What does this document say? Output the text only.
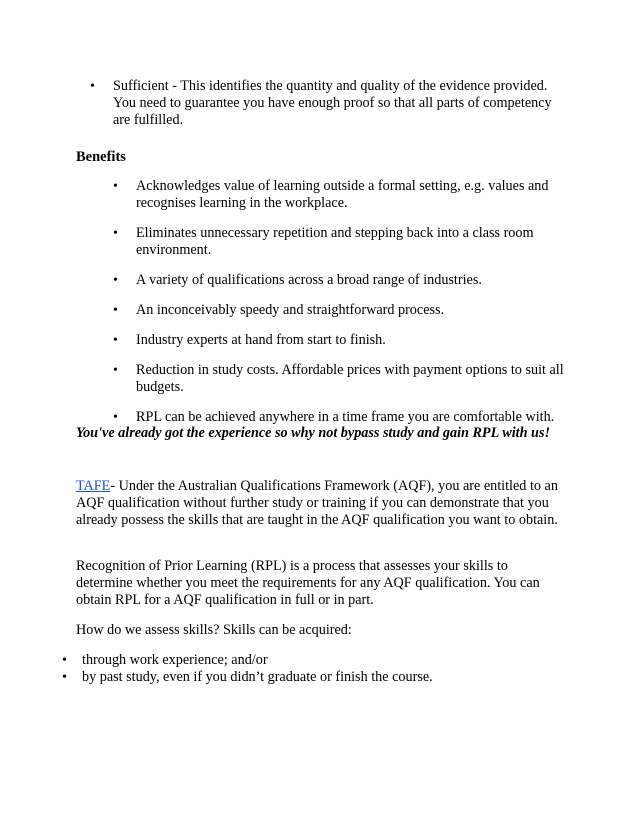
• Sufficient - This identifies the quantity and quality of the evidence provided. You need to guarantee you have enough proof so that all parts of competency are fulfilled.
Benefits
• Acknowledges value of learning outside a formal setting, e.g. values and recognises learning in the workplace.
• Eliminates unnecessary repetition and stepping back into a class room environment.
• A variety of qualifications across a broad range of industries.
• An inconceivably speedy and straightforward process.
• Industry experts at hand from start to finish.
• Reduction in study costs. Affordable prices with payment options to suit all budgets.
• RPL can be achieved anywhere in a time frame you are comfortable with.
You've already got the experience so why not bypass study and gain RPL with us!
TAFE- Under the Australian Qualifications Framework (AQF), you are entitled to an AQF qualification without further study or training if you can demonstrate that you already possess the skills that are taught in the AQF qualification you want to obtain.
Recognition of Prior Learning (RPL) is a process that assesses your skills to determine whether you meet the requirements for any AQF qualification. You can obtain RPL for a AQF qualification in full or in part.
How do we assess skills? Skills can be acquired:
• through work experience; and/or
• by past study, even if you didn’t graduate or finish the course.
